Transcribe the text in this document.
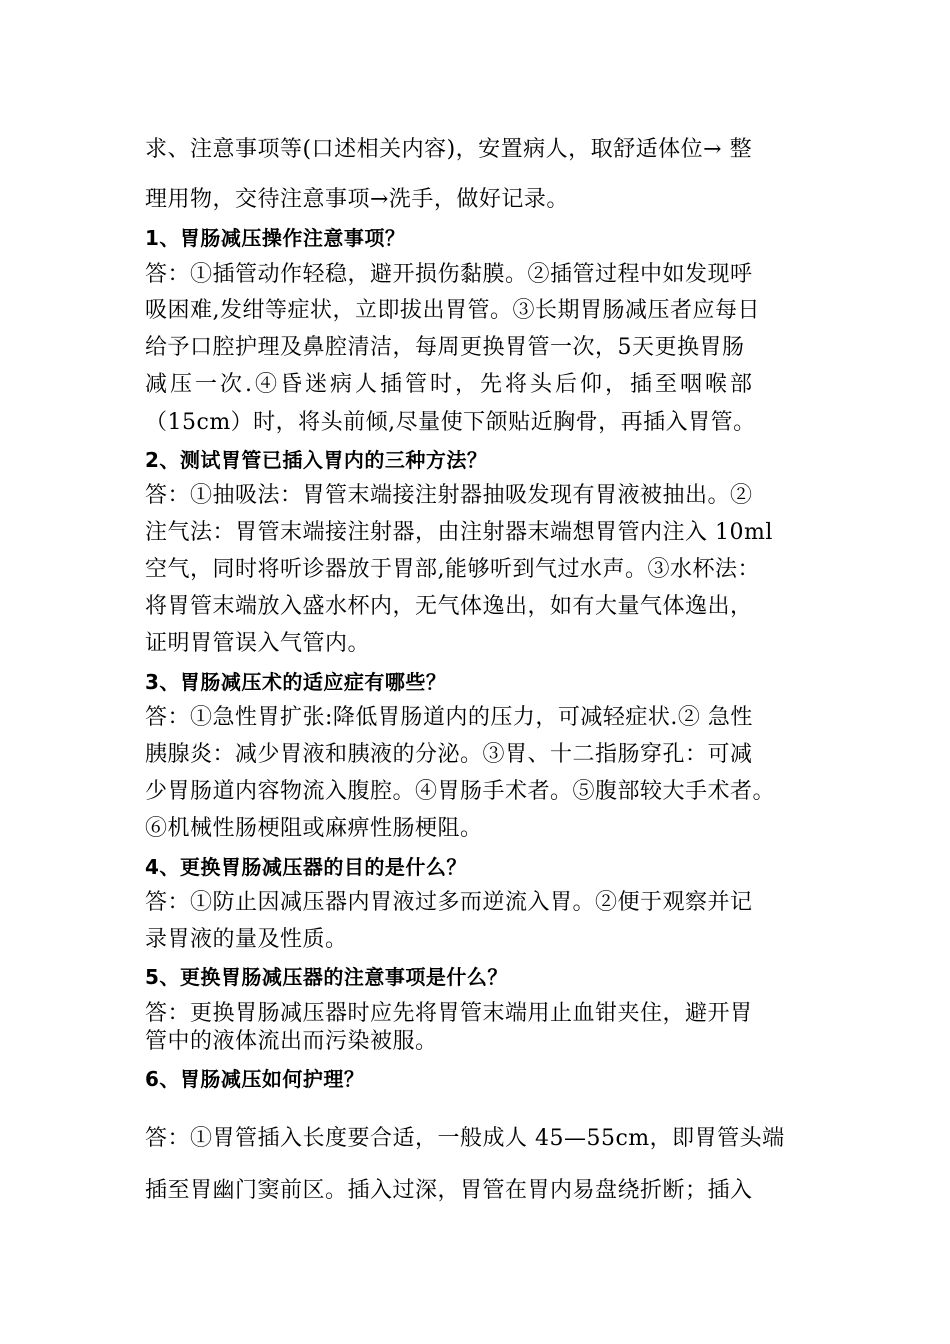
求、注意事项等(口述相关内容)，安置病人，取舒适体位→ 整
理用物，交待注意事项→洗手，做好记录。
1、胃肠减压操作注意事项？
答：①插管动作轻稳，避开损伤黏膜。②插管过程中如发现呼
吸困难,发绀等症状，立即拔出胃管。③长期胃肠减压者应每日
给予口腔护理及鼻腔清洁，每周更换胃管一次，5天更换胃肠
减压一次.④昏迷病人插管时，先将头后仰，插至咽喉部
（15cm）时，将头前倾,尽量使下颌贴近胸骨，再插入胃管。
2、测试胃管已插入胃内的三种方法？
答：①抽吸法：胃管末端接注射器抽吸发现有胃液被抽出。②
注气法：胃管末端接注射器，由注射器末端想胃管内注入 10ml
空气，同时将听诊器放于胃部,能够听到气过水声。③水杯法：
将胃管末端放入盛水杯内，无气体逸出，如有大量气体逸出，
证明胃管误入气管内。
3、胃肠减压术的适应症有哪些？
答：①急性胃扩张:降低胃肠道内的压力，可减轻症状.② 急性
胰腺炎：减少胃液和胰液的分泌。③胃、十二指肠穿孔：可减
少胃肠道内容物流入腹腔。④胃肠手术者。⑤腹部较大手术者。
⑥机械性肠梗阻或麻痹性肠梗阻。
4、更换胃肠减压器的目的是什么？
答：①防止因减压器内胃液过多而逆流入胃。②便于观察并记
录胃液的量及性质。
5、更换胃肠减压器的注意事项是什么？
答：更换胃肠减压器时应先将胃管末端用止血钳夹住，避开胃
管中的液体流出而污染被服。
6、胃肠减压如何护理？
答：①胃管插入长度要合适，一般成人 45—55cm，即胃管头端
插至胃幽门窦前区。插入过深，胃管在胃内易盘绕折断；插入
